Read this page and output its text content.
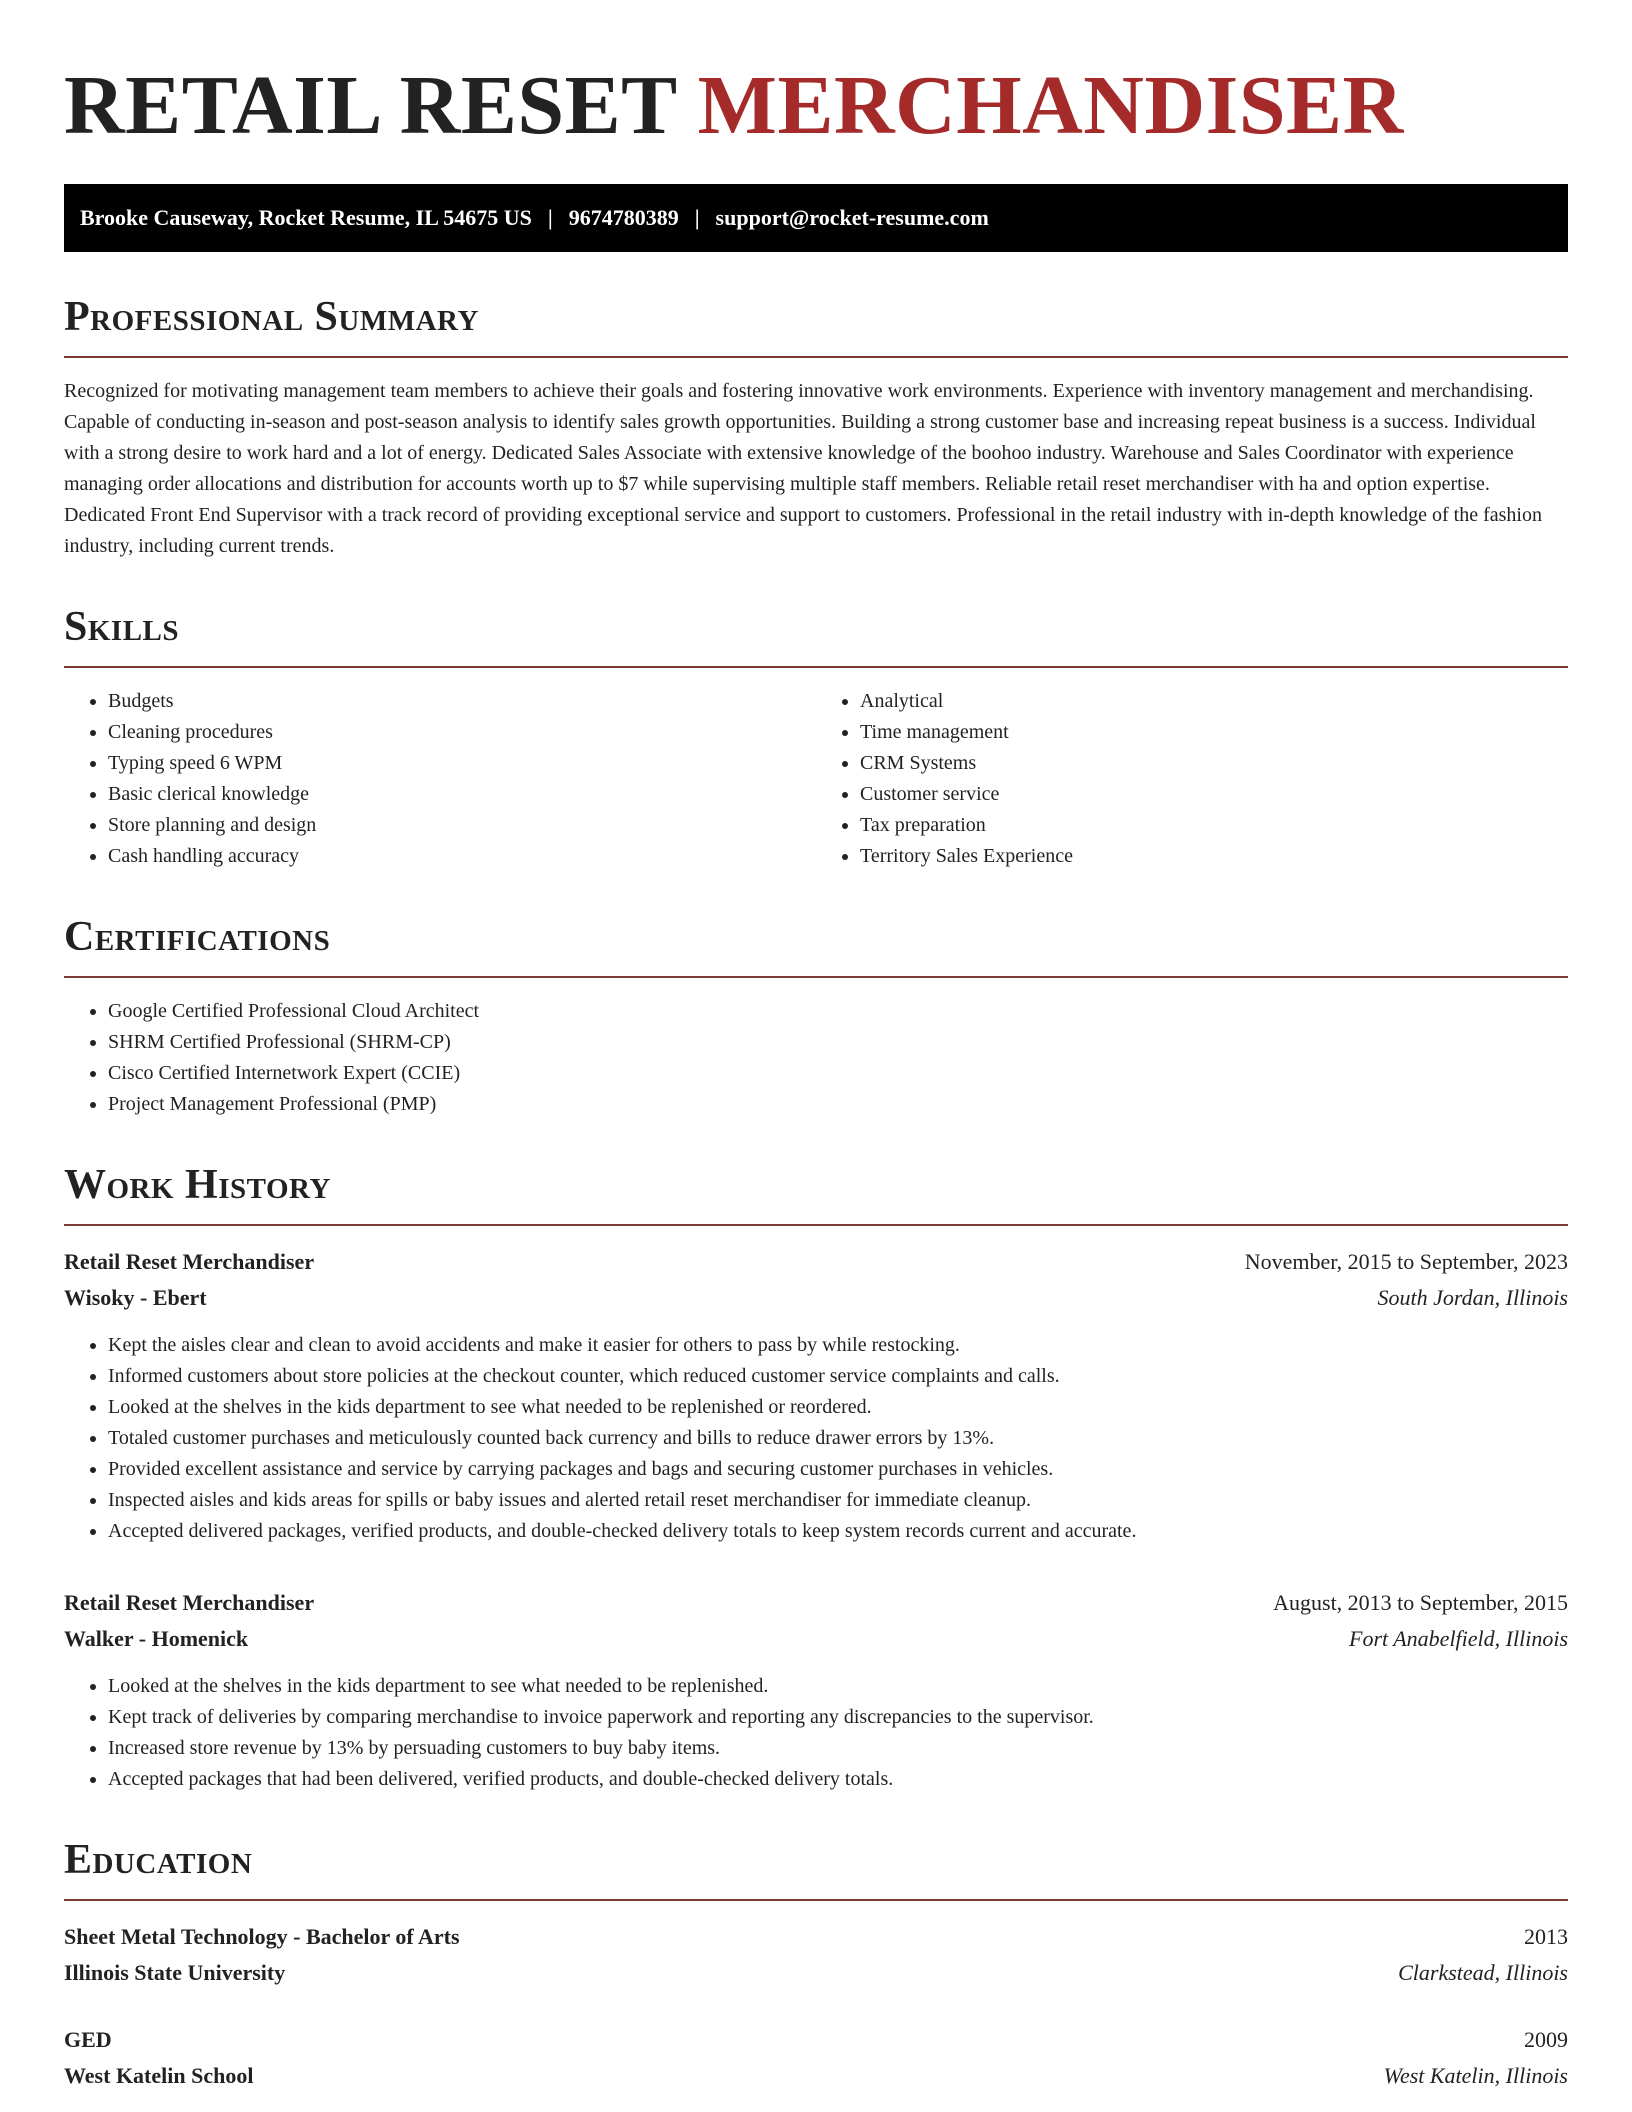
RETAIL RESET MERCHANDISER
Brooke Causeway, Rocket Resume, IL 54675 US | 9674780389 | support@rocket-resume.com
Professional Summary

Recognized for motivating management team members to achieve their goals and fostering innovative work environments. Experience with inventory management and merchandising. Capable of conducting in-season and post-season analysis to identify sales growth opportunities. Building a strong customer base and increasing repeat business is a success. Individual with a strong desire to work hard and a lot of energy. Dedicated Sales Associate with extensive knowledge of the boohoo industry. Warehouse and Sales Coordinator with experience managing order allocations and distribution for accounts worth up to $7 while supervising multiple staff members. Reliable retail reset merchandiser with ha and option expertise. Dedicated Front End Supervisor with a track record of providing exceptional service and support to customers. Professional in the retail industry with in-depth knowledge of the fashion industry, including current trends.

Skills
• Budgets
• Cleaning procedures
• Typing speed 6 WPM
• Basic clerical knowledge
• Store planning and design
• Cash handling accuracy
• Analytical
• Time management
• CRM Systems
• Customer service
• Tax preparation
• Territory Sales Experience
Certifications
• Google Certified Professional Cloud Architect
• SHRM Certified Professional (SHRM-CP)
• Cisco Certified Internetwork Expert (CCIE)
• Project Management Professional (PMP)
Work History
Retail Reset Merchandiser	November, 2015 to September, 2023
Wisoky - Ebert	South Jordan, Illinois
• Kept the aisles clear and clean to avoid accidents and make it easier for others to pass by while restocking.
• Informed customers about store policies at the checkout counter, which reduced customer service complaints and calls.
• Looked at the shelves in the kids department to see what needed to be replenished or reordered.
• Totaled customer purchases and meticulously counted back currency and bills to reduce drawer errors by 13%.
• Provided excellent assistance and service by carrying packages and bags and securing customer purchases in vehicles.
• Inspected aisles and kids areas for spills or baby issues and alerted retail reset merchandiser for immediate cleanup.
• Accepted delivered packages, verified products, and double-checked delivery totals to keep system records current and accurate.
Retail Reset Merchandiser	August, 2013 to September, 2015
Walker - Homenick	Fort Anabelfield, Illinois
• Looked at the shelves in the kids department to see what needed to be replenished.
• Kept track of deliveries by comparing merchandise to invoice paperwork and reporting any discrepancies to the supervisor.
• Increased store revenue by 13% by persuading customers to buy baby items.
• Accepted packages that had been delivered, verified products, and double-checked delivery totals.
Education
Sheet Metal Technology - Bachelor of Arts	2013
Illinois State University	Clarkstead, Illinois
GED	2009
West Katelin School	West Katelin, Illinois
